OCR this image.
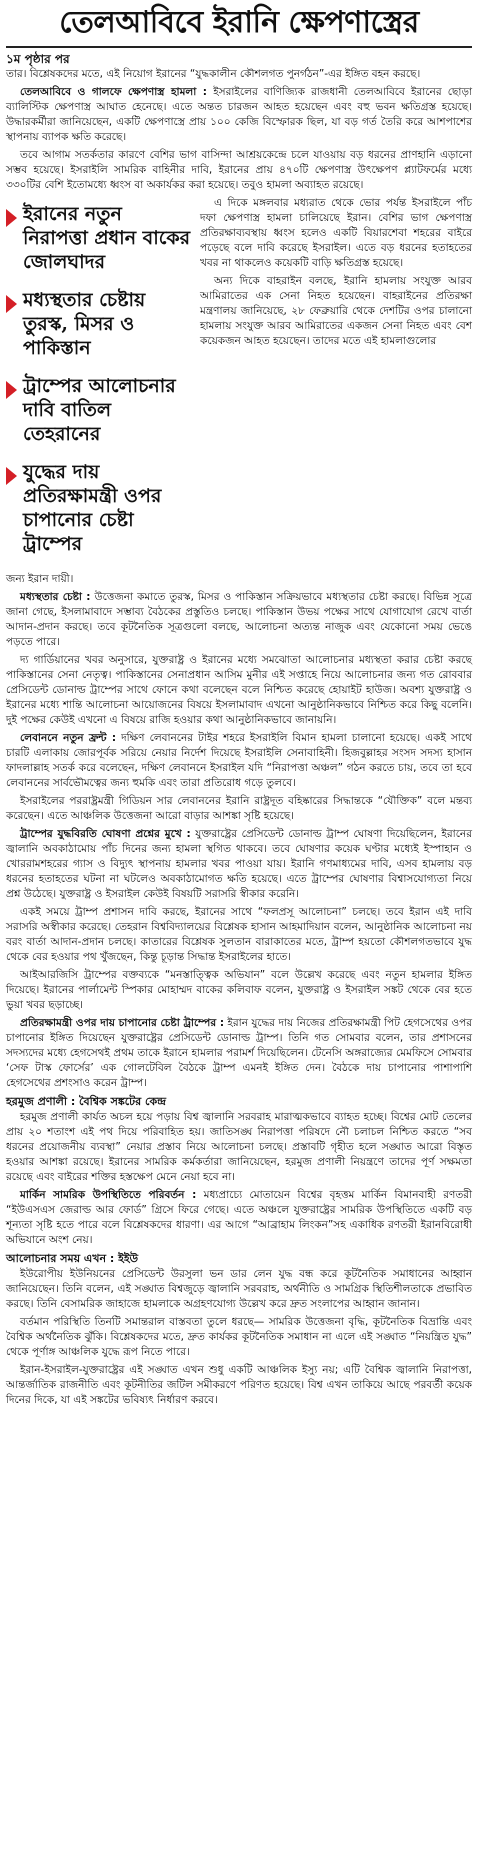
তেলআবিবে ইরানি ক্ষেপণাস্ত্রের
১ম পৃষ্ঠার পর

তার। বিশ্লেষকদের মতে, এই নিয়োগ ইরানের “যুদ্ধকালীন কৌশলগত পুনর্গঠন”-এর ইঙ্গিত বহন করছে।

তেলআবিবে ও গালফে ক্ষেপণাস্ত্র হামলা : ইসরাইলের বাণিজ্যিক রাজধানী তেলআবিবে ইরানের ছোড়া ব্যালিস্টিক ক্ষেপণাস্ত্র আঘাত হেনেছে। এতে অন্তত চারজন আহত হয়েছেন এবং বহু ভবন ক্ষতিগ্রস্ত হয়েছে। উদ্ধারকর্মীরা জানিয়েছেন, একটি ক্ষেপণাস্ত্রে প্রায় ১০০ কেজি বিস্ফোরক ছিল, যা বড় গর্ত তৈরি করে আশপাশের স্থাপনায় ব্যাপক ক্ষতি করেছে।

তবে আগাম সতর্কতার কারণে বেশির ভাগ বাসিন্দা আশ্রয়কেন্দ্রে চলে যাওয়ায় বড় ধরনের প্রাণহানি এড়ানো সম্ভব হয়েছে। ইসরাইলি সামরিক বাহিনীর দাবি, ইরানের প্রায় ৪৭০টি ক্ষেপণাস্ত্র উৎক্ষেপণ প্ল্যাটফর্মের মধ্যে ৩৩০টির বেশি ইতোমধ্যে ধ্বংস বা অকার্যকর করা হয়েছে। তবুও হামলা অব্যাহত রয়েছে।

ইরানের নতুন নিরাপত্তা প্রধান বাকের জোলঘাদর
মধ্যস্থতার চেষ্টায় তুরস্ক, মিসর ও পাকিস্তান
ট্রাম্পের আলোচনার দাবি বাতিল তেহরানের
যুদ্ধের দায় প্রতিরক্ষামন্ত্রী ওপর চাপানোর চেষ্টা ট্রাম্পের

এ দিকে মঙ্গলবার মধ্যরাত থেকে ভোর পর্যন্ত ইসরাইলে পাঁচ দফা ক্ষেপণাস্ত্র হামলা চালিয়েছে ইরান। বেশির ভাগ ক্ষেপণাস্ত্র প্রতিরক্ষাব্যবস্থায় ধ্বংস হলেও একটি বিয়ারশেবা শহরের বাইরে পড়েছে বলে দাবি করেছে ইসরাইল। এতে বড় ধরনের হতাহতের খবর না থাকলেও কয়েকটি বাড়ি ক্ষতিগ্রস্ত হয়েছে।

অন্য দিকে বাহরাইন বলছে, ইরানি হামলায় সংযুক্ত আরব আমিরাতের এক সেনা নিহত হয়েছেন। বাহরাইনের প্রতিরক্ষা মন্ত্রণালয় জানিয়েছে, ২৮ ফেব্রুয়ারি থেকে দেশটির ওপর চালানো হামলায় সংযুক্ত আরব আমিরাতের একজন সেনা নিহত এবং বেশ কয়েকজন আহত হয়েছেন। তাদের মতে এই হামলাগুলোর

জন্য ইরান দায়ী।

মধ্যস্থতার চেষ্টা : উত্তেজনা কমাতে তুরস্ক, মিসর ও পাকিস্তান সক্রিয়ভাবে মধ্যস্থতার চেষ্টা করছে। বিভিন্ন সূত্রে জানা গেছে, ইসলামাবাদে সম্ভাব্য বৈঠকের প্রস্তুতিও চলছে। পাকিস্তান উভয় পক্ষের সাথে যোগাযোগ রেখে বার্তা আদান-প্রদান করছে। তবে কূটনৈতিক সূত্রগুলো বলছে, আলোচনা অত্যন্ত নাজুক এবং যেকোনো সময় ভেঙে পড়তে পারে।

দ্য গার্ডিয়ানের খবর অনুসারে, যুক্তরাষ্ট্র ও ইরানের মধ্যে সমঝোতা আলোচনার মধ্যস্থতা করার চেষ্টা করছে পাকিস্তানের সেনা নেতৃত্ব। পাকিস্তানের সেনাপ্রধান আসিম মুনীর এই সপ্তাহে নিয়ে আলোচনার জন্য গত রোববার প্রেসিডেন্ট ডোনাল্ড ট্রাম্পের সাথে ফোনে কথা বলেছেন বলে নিশ্চিত করেছে হোয়াইট হাউজ। অবশ্য যুক্তরাষ্ট্র ও ইরানের মধ্যে শান্তি আলোচনা আয়োজনের বিষয়ে ইসলামাবাদ এখনো আনুষ্ঠানিকভাবে নিশ্চিত করে কিছু বলেনি। দুই পক্ষের কেউই এখনো এ বিষয়ে রাজি হওয়ার কথা আনুষ্ঠানিকভাবে জানায়নি।

লেবাননে নতুন ফ্রন্ট : দক্ষিণ লেবাননের টাইর শহরে ইসরাইলি বিমান হামলা চালানো হয়েছে। একই সাথে চারটি এলাকায় জোরপূর্বক সরিয়ে নেয়ার নির্দেশ দিয়েছে ইসরাইলি সেনাবাহিনী। হিজবুল্লাহর সংসদ সদস্য হাসান ফাদলাল্লাহ সতর্ক করে বলেছেন, দক্ষিণ লেবাননে ইসরাইল যদি “নিরাপত্তা অঞ্চল” গঠন করতে চায়, তবে তা হবে লেবাননের সার্বভৌমত্বের জন্য হুমকি এবং তারা প্রতিরোধ গড়ে তুলবে।

ইসরাইলের পররাষ্ট্রমন্ত্রী গিডিয়ন সার লেবাননের ইরানি রাষ্ট্রদূত বহিষ্কারের সিদ্ধান্তকে “যৌক্তিক” বলে মন্তব্য করেছেন। এতে আঞ্চলিক উত্তেজনা আরো বাড়ার আশঙ্কা সৃষ্টি হয়েছে।

ট্রাম্পের যুদ্ধবিরতি ঘোষণা প্রশ্নের মুখে : যুক্তরাষ্ট্রের প্রেসিডেন্ট ডোনাল্ড ট্রাম্প ঘোষণা দিয়েছিলেন, ইরানের জ্বালানি অবকাঠামোয় পাঁচ দিনের জন্য হামলা স্থগিত থাকবে। তবে ঘোষণার কয়েক ঘণ্টার মধ্যেই ইস্পাহান ও খোররামশহরের গ্যাস ও বিদ্যুৎ স্থাপনায় হামলার খবর পাওয়া যায়। ইরানি গণমাধ্যমের দাবি, এসব হামলায় বড় ধরনের হতাহতের ঘটনা না ঘটলেও অবকাঠামোগত ক্ষতি হয়েছে। এতে ট্রাম্পের ঘোষণার বিশ্বাসযোগ্যতা নিয়ে প্রশ্ন উঠেছে। যুক্তরাষ্ট্র ও ইসরাইল কেউই বিষয়টি সরাসরি স্বীকার করেনি।

একই সময়ে ট্রাম্প প্রশাসন দাবি করছে, ইরানের সাথে “ফলপ্রসূ আলোচনা” চলছে। তবে ইরান এই দাবি সরাসরি অস্বীকার করেছে। তেহরান বিশ্ববিদ্যালয়ের বিশ্লেষক হাসান আহমাদিয়ান বলেন, আনুষ্ঠানিক আলোচনা নয় বরং বার্তা আদান-প্রদান চলছে। কাতারের বিশ্লেষক সুলতান বারাকাতের মতে, ট্রাম্প হয়তো কৌশলগতভাবে যুদ্ধ থেকে বের হওয়ার পথ খুঁজছেন, কিন্তু চূড়ান্ত সিদ্ধান্ত ইসরাইলের হাতে।

আইআরজিসি ট্রাম্পের বক্তব্যকে “মনস্তাত্ত্বিক অভিযান” বলে উল্লেখ করেছে এবং নতুন হামলার ইঙ্গিত দিয়েছে। ইরানের পার্লামেন্ট স্পিকার মোহাম্মদ বাকের কলিবাফ বলেন, যুক্তরাষ্ট্র ও ইসরাইল সঙ্কট থেকে বের হতে ভুয়া খবর ছড়াচ্ছে।

প্রতিরক্ষামন্ত্রী ওপর দায় চাপানোর চেষ্টা ট্রাম্পের : ইরান যুদ্ধের দায় নিজের প্রতিরক্ষামন্ত্রী পিট হেগসেথের ওপর চাপানোর ইঙ্গিত দিয়েছেন যুক্তরাষ্ট্রের প্রেসিডেন্ট ডোনাল্ড ট্রাম্প। তিনি গত সোমবার বলেন, তার প্রশাসনের সদস্যদের মধ্যে হেগসেথই প্রথম তাকে ইরানে হামলার পরামর্শ দিয়েছিলেন। টেনেসি অঙ্গরাজ্যের মেমফিসে সোমবার ‘সেফ টাস্ক ফোর্সের’ এক গোলটেবিল বৈঠকে ট্রাম্প এমনই ইঙ্গিত দেন। বৈঠকে দায় চাপানোর পাশাপাশি হেগসেথের প্রশংসাও করেন ট্রাম্প।

হরমুজ প্রণালী : বৈশ্বিক সঙ্কটের কেন্দ্র

হরমুজ প্রণালী কার্যত অচল হয়ে পড়ায় বিশ্ব জ্বালানি সরবরাহ মারাত্মকভাবে ব্যাহত হচ্ছে। বিশ্বের মোট তেলের প্রায় ২০ শতাংশ এই পথ দিয়ে পরিবাহিত হয়। জাতিসঙ্ঘ নিরাপত্তা পরিষদে নৌ চলাচল নিশ্চিত করতে “সব ধরনের প্রয়োজনীয় ব্যবস্থা” নেয়ার প্রস্তাব নিয়ে আলোচনা চলছে। প্রস্তাবটি গৃহীত হলে সঙ্ঘাত আরো বিস্তৃত হওয়ার আশঙ্কা রয়েছে। ইরানের সামরিক কর্মকর্তারা জানিয়েছেন, হরমুজ প্রণালী নিয়ন্ত্রণে তাদের পূর্ণ সক্ষমতা রয়েছে এবং বাইরের শক্তির হস্তক্ষেপ মেনে নেয়া হবে না।

মার্কিন সামরিক উপস্থিতিতে পরিবর্তন : মধ্যপ্রাচ্যে মোতায়েন বিশ্বের বৃহত্তম মার্কিন বিমানবাহী রণতরী “ইউএসএস জেরাল্ড আর ফোর্ড” গ্রিসে ফিরে গেছে। এতে অঞ্চলে যুক্তরাষ্ট্রের সামরিক উপস্থিতিতে একটি বড় শূন্যতা সৃষ্টি হতে পারে বলে বিশ্লেষকদের ধারণা। এর আগে “আব্রাহাম লিংকন”সহ একাধিক রণতরী ইরানবিরোধী অভিযানে অংশ নেয়।

আলোচনার সময় এখন : ইইউ

ইউরোপীয় ইউনিয়নের প্রেসিডেন্ট উরসুলা ভন ডার লেন যুদ্ধ বন্ধ করে কূটনৈতিক সমাধানের আহ্বান জানিয়েছেন। তিনি বলেন, এই সঙ্ঘাত বিশ্বজুড়ে জ্বালানি সরবরাহ, অর্থনীতি ও সামগ্রিক স্থিতিশীলতাকে প্রভাবিত করছে। তিনি বেসামরিক জাহাজে হামলাকে অগ্রহণযোগ্য উল্লেখ করে দ্রুত সংলাপের আহ্বান জানান।

বর্তমান পরিস্থিতি তিনটি সমান্তরাল বাস্তবতা তুলে ধরছে— সামরিক উত্তেজনা বৃদ্ধি, কূটনৈতিক বিভ্রান্তি এবং বৈশ্বিক অর্থনৈতিক ঝুঁকি। বিশ্লেষকদের মতে, দ্রুত কার্যকর কূটনৈতিক সমাধান না এলে এই সঙ্ঘাত “নিয়ন্ত্রিত যুদ্ধ” থেকে পূর্ণাঙ্গ আঞ্চলিক যুদ্ধে রূপ নিতে পারে।

ইরান-ইসরাইল-যুক্তরাষ্ট্রের এই সঙ্ঘাত এখন শুধু একটি আঞ্চলিক ইস্যু নয়; এটি বৈশ্বিক জ্বালানি নিরাপত্তা, আন্তর্জাতিক রাজনীতি এবং কূটনীতির জটিল সমীকরণে পরিণত হয়েছে। বিশ্ব এখন তাকিয়ে আছে পরবর্তী কয়েক দিনের দিকে, যা এই সঙ্কটের ভবিষ্যৎ নির্ধারণ করবে।
